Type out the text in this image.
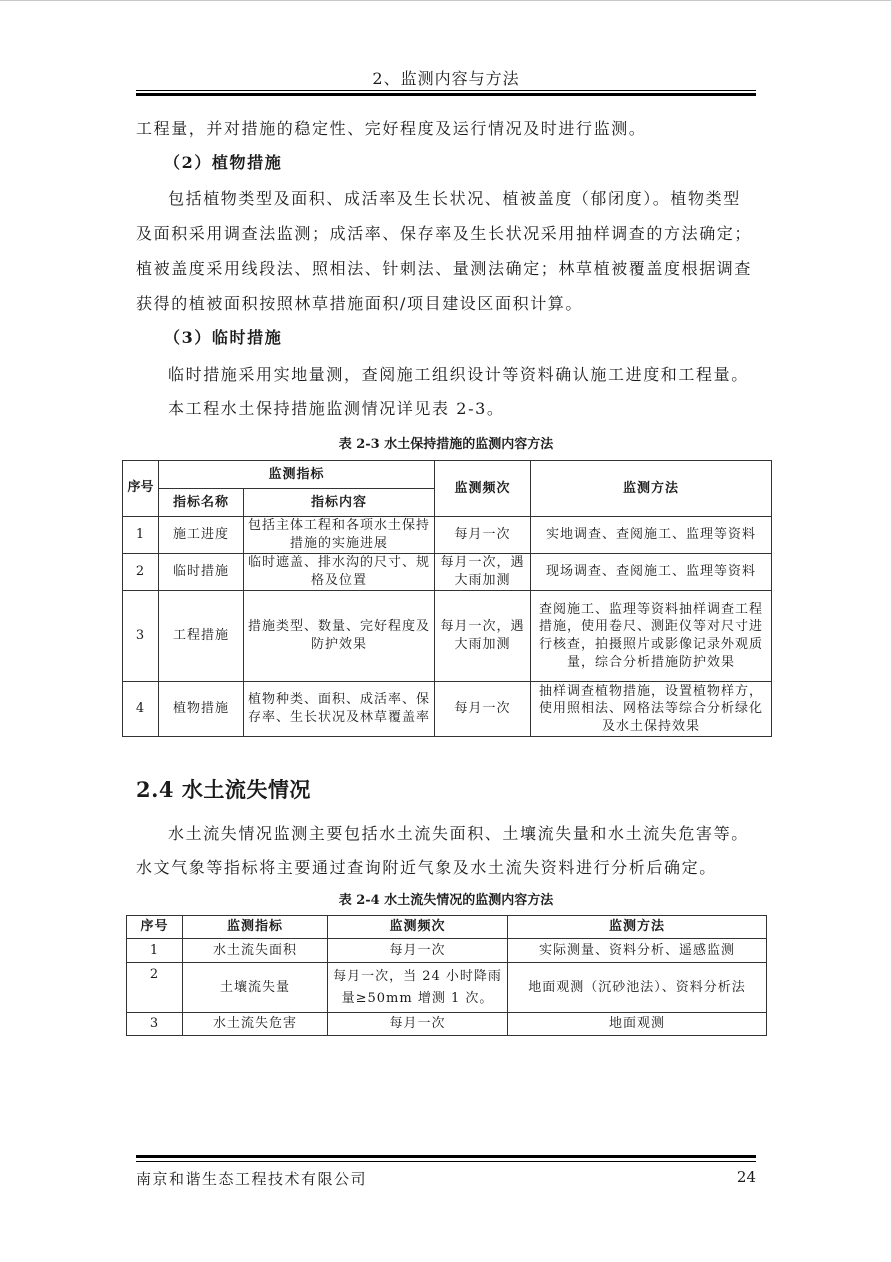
2、监测内容与方法
工程量，并对措施的稳定性、完好程度及运行情况及时进行监测。
（2）植物措施
包括植物类型及面积、成活率及生长状况、植被盖度（郁闭度）。植物类型
及面积采用调查法监测；成活率、保存率及生长状况采用抽样调查的方法确定；
植被盖度采用线段法、照相法、针刺法、量测法确定；林草植被覆盖度根据调查
获得的植被面积按照林草措施面积/项目建设区面积计算。
（3）临时措施
临时措施采用实地量测，查阅施工组织设计等资料确认施工进度和工程量。
本工程水土保持措施监测情况详见表 2-3。
表 2-3 水土保持措施的监测内容方法
序号	监测指标		监测频次	监测方法
	指标名称	指标内容		
1	施工进度	包括主体工程和各项水土保持措施的实施进展	每月一次	实地调查、查阅施工、监理等资料
2	临时措施	临时遮盖、排水沟的尺寸、规格及位置	每月一次，遇大雨加测	现场调查、查阅施工、监理等资料
3	工程措施	措施类型、数量、完好程度及防护效果	每月一次，遇大雨加测	查阅施工、监理等资料抽样调查工程措施，使用卷尺、测距仪等对尺寸进行核查，拍摄照片或影像记录外观质量，综合分析措施防护效果
4	植物措施	植物种类、面积、成活率、保存率、生长状况及林草覆盖率	每月一次	抽样调查植物措施，设置植物样方，使用照相法、网格法等综合分析绿化及水土保持效果
2.4 水土流失情况
水土流失情况监测主要包括水土流失面积、土壤流失量和水土流失危害等。
水文气象等指标将主要通过查询附近气象及水土流失资料进行分析后确定。
表 2-4 水土流失情况的监测内容方法
序号	监测指标	监测频次	监测方法
1	水土流失面积	每月一次	实际测量、资料分析、遥感监测
2	土壤流失量	每月一次，当 24 小时降雨量≥50mm 增测 1 次。	地面观测（沉砂池法）、资料分析法
3	水土流失危害	每月一次	地面观测
南京和谐生态工程技术有限公司	24
